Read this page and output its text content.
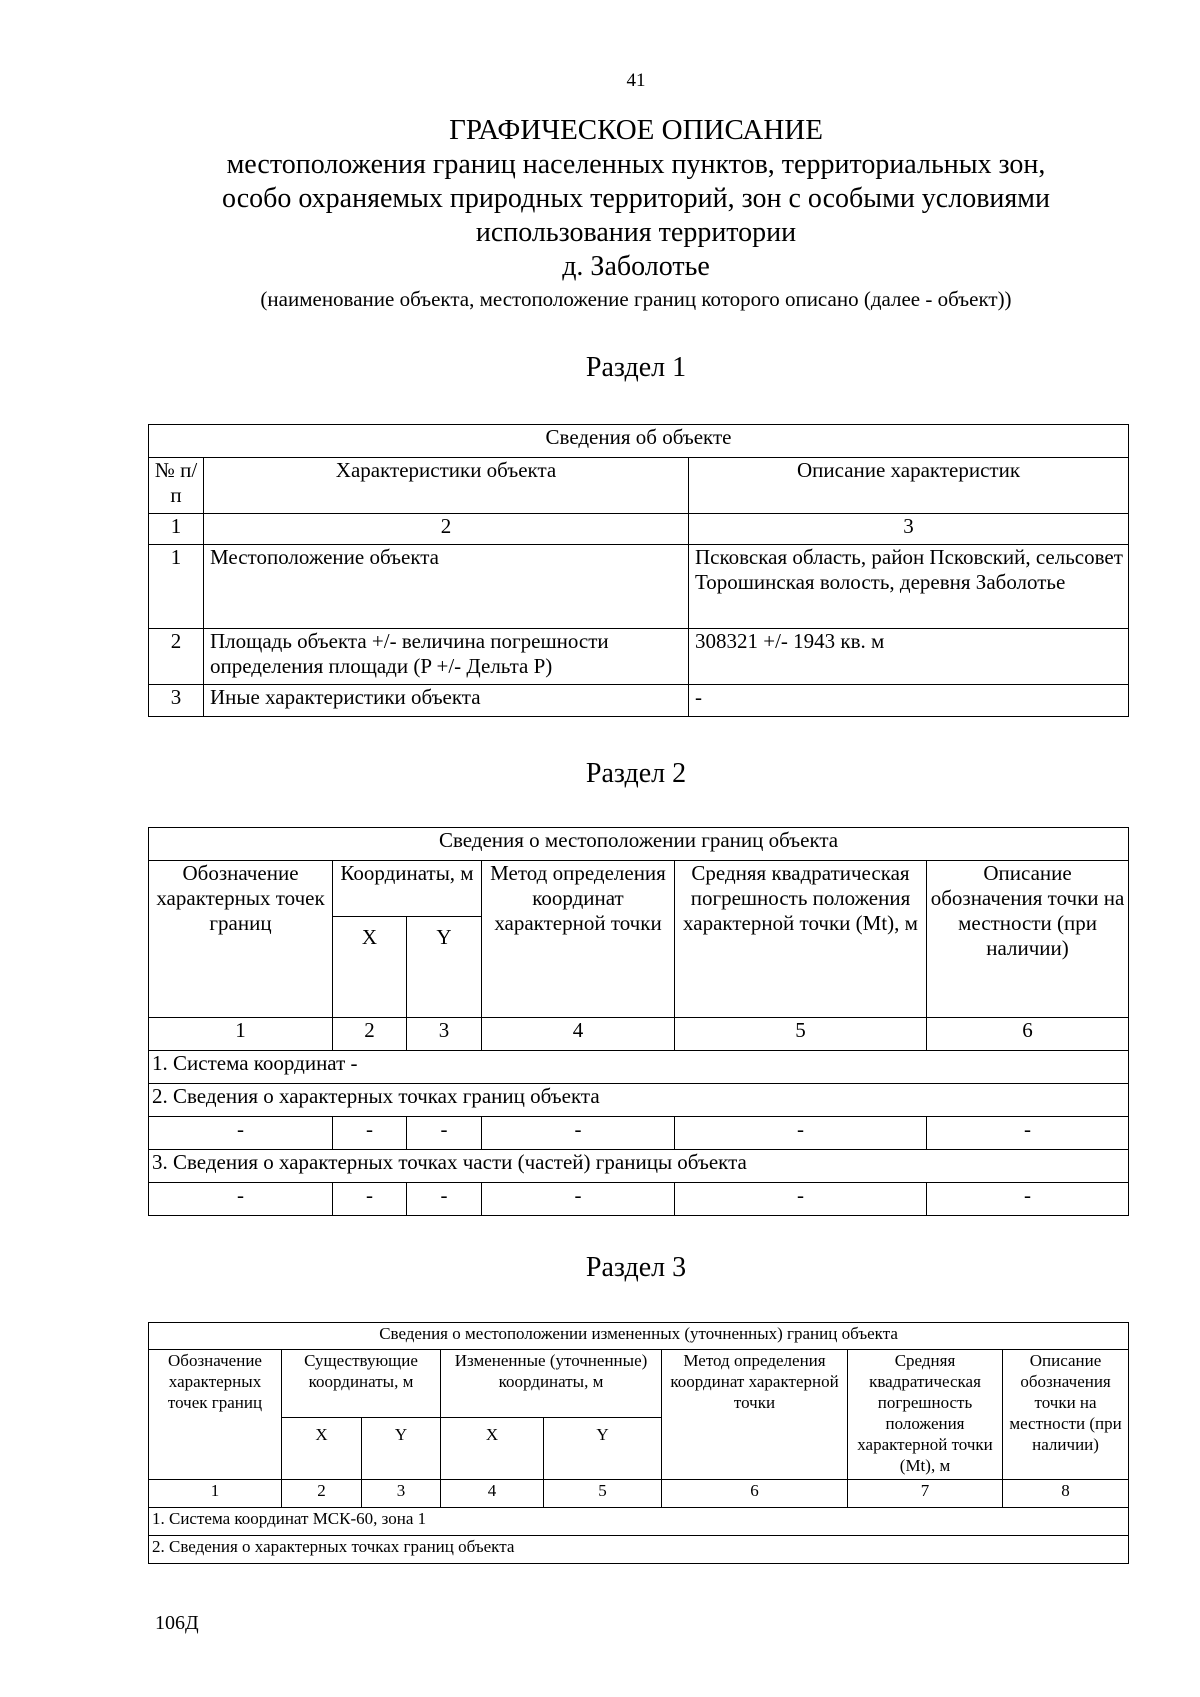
41
ГРАФИЧЕСКОЕ ОПИСАНИЕ
местоположения границ населенных пунктов, территориальных зон,
особо охраняемых природных территорий, зон с особыми условиями
использования территории
д. Заболотье
(наименование объекта, местоположение границ которого описано (далее - объект))
Раздел 1
Сведения об объекте		
№ п/п	Характеристики объекта	Описание характеристик
1	2	3
1	Местоположение объекта	Псковская область, район Псковский, сельсовет Торошинская волость, деревня Заболотье
2	Площадь объекта +/- величина погрешности определения площади (P +/- Дельта P)	308321 +/- 1943 кв. м
3	Иные характеристики объекта	-
Раздел 2
Сведения о местоположении границ объекта					
Обозначение характерных точек границ	Координаты, м		Метод определения координат характерной точки	Средняя квадратическая погрешность положения характерной точки (Mt), м	Описание обозначения точки на местности (при наличии)
	X	Y			
1	2	3	4	5	6
1. Система координат -					
2. Сведения о характерных точках границ объекта					
-	-	-	-	-	-
3. Сведения о характерных точках части (частей) границы объекта					
-	-	-	-	-	-
Раздел 3
Сведения о местоположении измененных (уточненных) границ объекта							
Обозначение характерных точек границ	Существующие координаты, м		Измененные (уточненные) координаты, м		Метод определения координат характерной точки	Средняя квадратическая погрешность положения характерной точки (Mt), м	Описание обозначения точки на местности (при наличии)
	X	Y	X	Y			
1	2	3	4	5	6	7	8
1. Система координат МСК-60, зона 1							
2. Сведения о характерных точках границ объекта							
106Д
